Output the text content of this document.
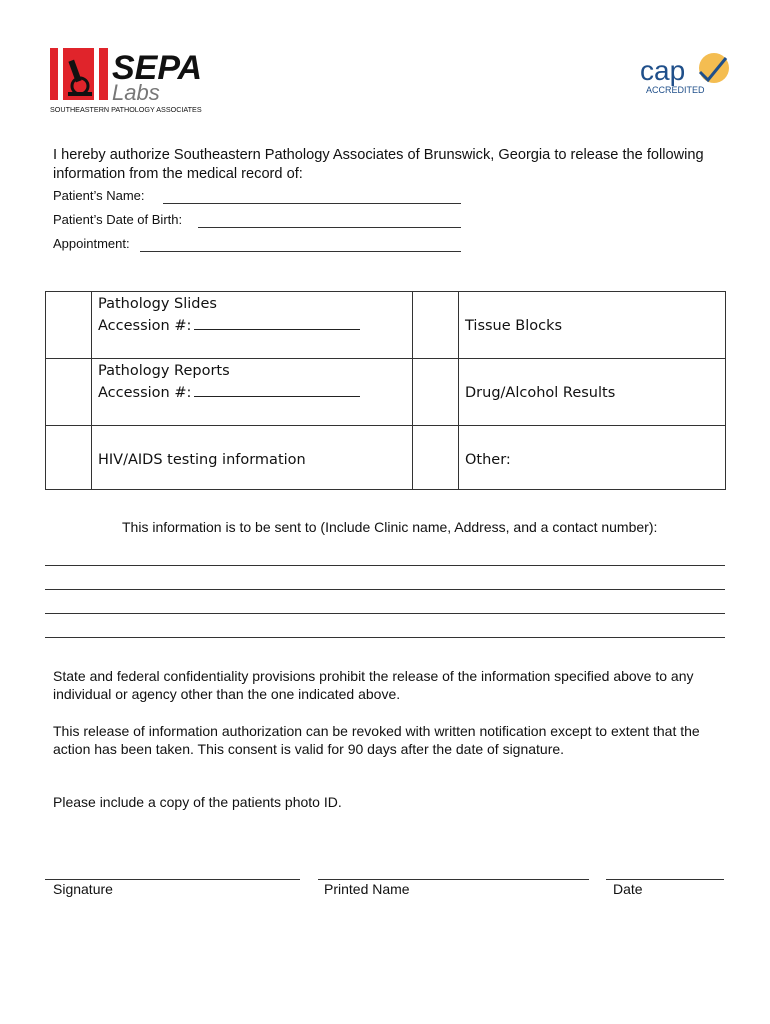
SEPA
Labs
SOUTHEASTERN PATHOLOGY ASSOCIATES
cap
ACCREDITED
I hereby authorize Southeastern Pathology Associates of Brunswick, Georgia to release the following information from the medical record of:
Patient’s Name:
Patient’s Date of Birth:
Appointment:
Pathology Slides
Accession #:	Tissue Blocks
Pathology Reports
Accession #:	Drug/Alcohol Results
HIV/AIDS testing information	Other:
This information is to be sent to (Include Clinic name, Address, and a contact number):
State and federal confidentiality provisions prohibit the release of the information specified above to any individual or agency other than the one indicated above.
This release of information authorization can be revoked with written notification except to extent that the action has been taken. This consent is valid for 90 days after the date of signature.
Please include a copy of the patients photo ID.
Signature	Printed Name	Date
